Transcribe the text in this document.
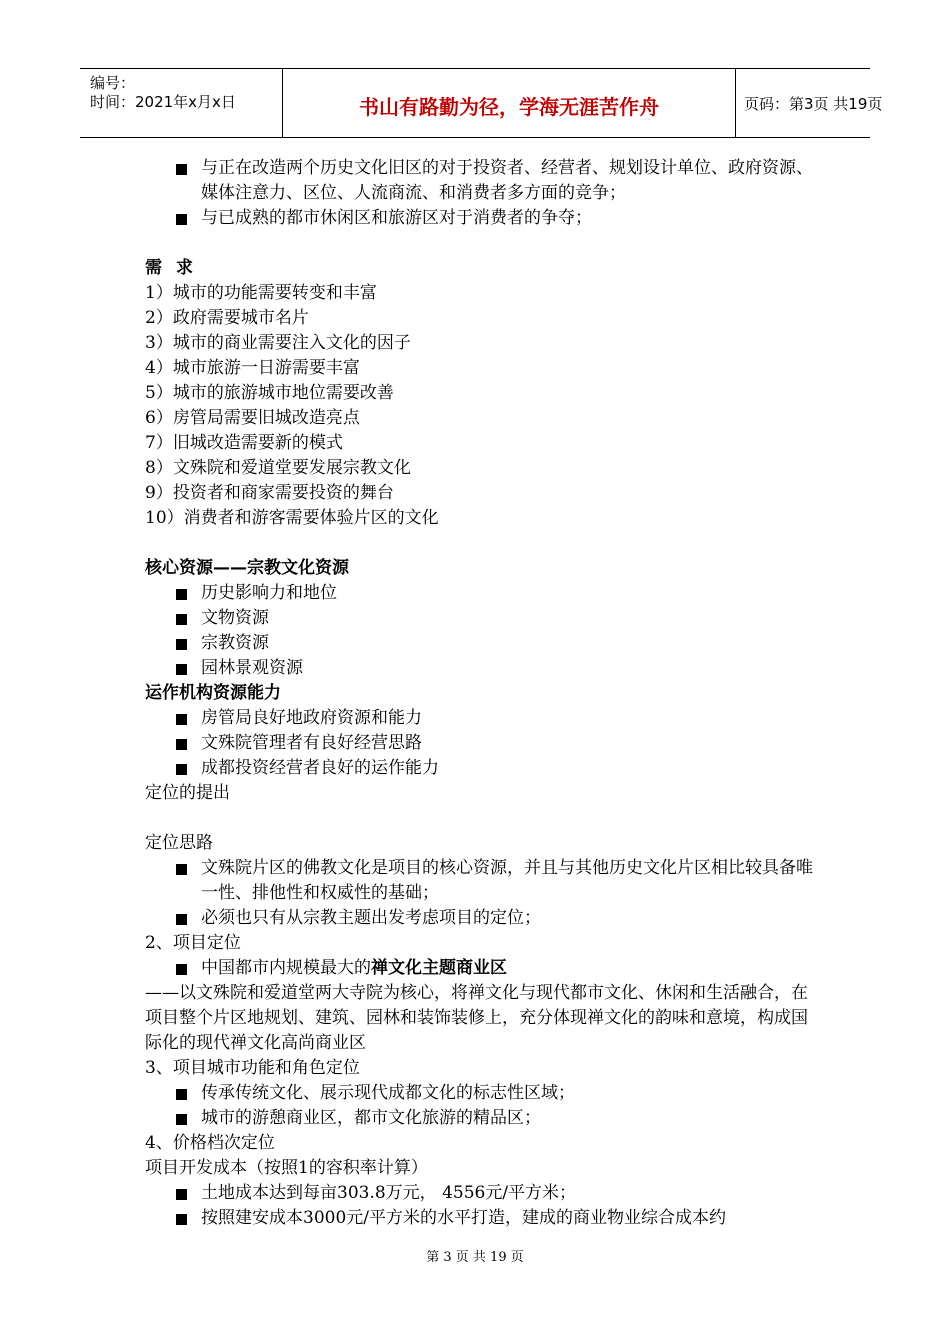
编号：
时间：2021年x月x日	书山有路勤为径，学海无涯苦作舟	页码：第3页 共19页
与正在改造两个历史文化旧区的对于投资者、经营者、规划设计单位、政府资源、媒体注意力、区位、人流商流、和消费者多方面的竞争；
与已成熟的都市休闲区和旅游区对于消费者的争夺；
需求
1）城市的功能需要转变和丰富
2）政府需要城市名片
3）城市的商业需要注入文化的因子
4）城市旅游一日游需要丰富
5）城市的旅游城市地位需要改善
6）房管局需要旧城改造亮点
7）旧城改造需要新的模式
8）文殊院和爱道堂要发展宗教文化
9）投资者和商家需要投资的舞台
10）消费者和游客需要体验片区的文化
核心资源——宗教文化资源
历史影响力和地位
文物资源
宗教资源
园林景观资源
运作机构资源能力
房管局良好地政府资源和能力
文殊院管理者有良好经营思路
成都投资经营者良好的运作能力
定位的提出
定位思路
文殊院片区的佛教文化是项目的核心资源，并且与其他历史文化片区相比较具备唯一性、排他性和权威性的基础；
必须也只有从宗教主题出发考虑项目的定位；
2、项目定位
中国都市内规模最大的禅文化主题商业区
——以文殊院和爱道堂两大寺院为核心，将禅文化与现代都市文化、休闲和生活融合，在项目整个片区地规划、建筑、园林和装饰装修上，充分体现禅文化的韵味和意境，构成国际化的现代禅文化高尚商业区
3、项目城市功能和角色定位
传承传统文化、展示现代成都文化的标志性区域；
城市的游憩商业区，都市文化旅游的精品区；
4、价格档次定位
项目开发成本（按照1的容积率计算）
土地成本达到每亩303.8万元， 4556元/平方米；
按照建安成本3000元/平方米的水平打造，建成的商业物业综合成本约
第 3 页 共 19 页
